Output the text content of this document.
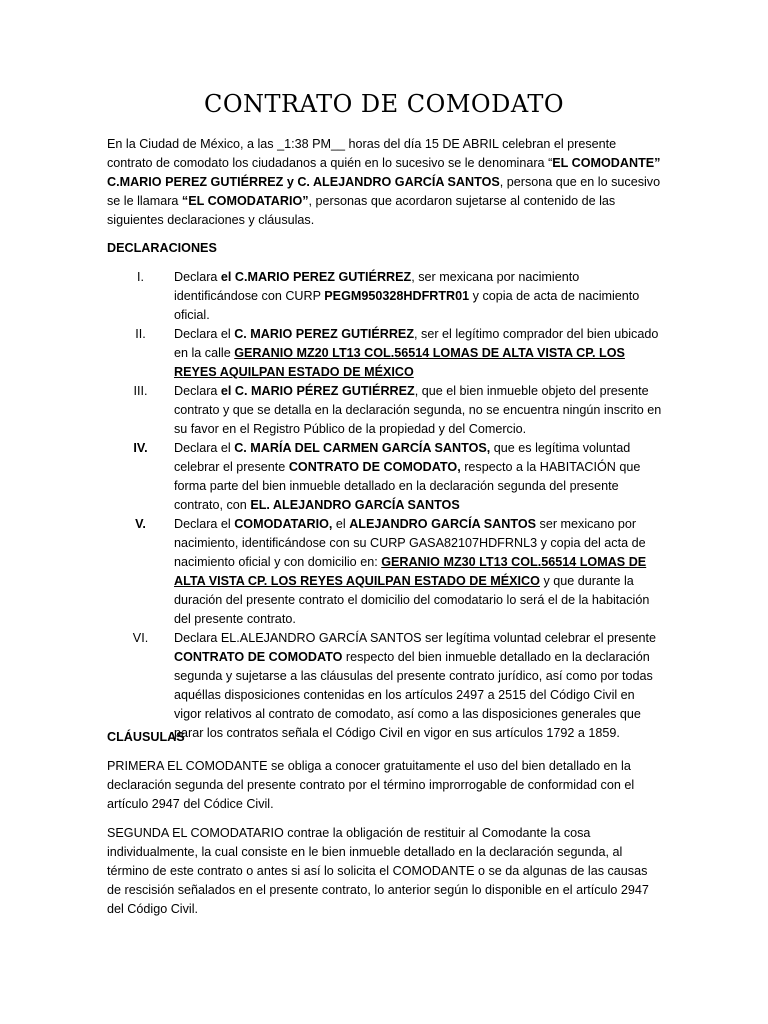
CONTRATO DE COMODATO

En la Ciudad de México, a las _1:38 PM__ horas del día 15 DE ABRIL celebran el presente contrato de comodato los ciudadanos a quién en lo sucesivo se le denominara “EL COMODANTE” C.MARIO PEREZ GUTIÉRREZ y C. ALEJANDRO GARCÍA SANTOS, persona que en lo sucesivo se le llamara “EL COMODATARIO”, personas que acordaron sujetarse al contenido de las siguientes declaraciones y cláusulas.

DECLARACIONES

I.	Declara el C.MARIO PEREZ GUTIÉRREZ, ser mexicana por nacimiento identificándose con CURP PEGM950328HDFRTR01 y copia de acta de nacimiento oficial.
II.	Declara el C. MARIO PEREZ GUTIÉRREZ, ser el legítimo comprador del bien ubicado en la calle GERANIO MZ20 LT13 COL.56514 LOMAS DE ALTA VISTA CP. LOS REYES AQUILPAN ESTADO DE MÉXICO
III.	Declara el C. MARIO PÉREZ GUTIÉRREZ, que el bien inmueble objeto del presente contrato y que se detalla en la declaración segunda, no se encuentra ningún inscrito en su favor en el Registro Público de la propiedad y del Comercio.
IV.	Declara el C. MARÍA DEL CARMEN GARCÍA SANTOS, que es legítima voluntad celebrar el presente CONTRATO DE COMODATO, respecto a la HABITACIÓN que forma parte del bien inmueble detallado en la declaración segunda del presente contrato, con EL. ALEJANDRO GARCÍA SANTOS
V.	Declara el COMODATARIO, el ALEJANDRO GARCÍA SANTOS ser mexicano por nacimiento, identificándose con su CURP GASA82107HDFRNL3 y copia del acta de nacimiento oficial y con domicilio en: GERANIO MZ30 LT13 COL.56514 LOMAS DE ALTA VISTA CP. LOS REYES AQUILPAN ESTADO DE MÉXICO y que durante la duración del presente contrato el domicilio del comodatario lo será el de la habitación del presente contrato.
VI.	Declara EL.ALEJANDRO GARCÍA SANTOS ser legítima voluntad celebrar el presente CONTRATO DE COMODATO respecto del bien inmueble detallado en la declaración segunda y sujetarse a las cláusulas del presente contrato jurídico, así como por todas aquéllas disposiciones contenidas en los artículos 2497 a 2515 del Código Civil en vigor relativos al contrato de comodato, así como a las disposiciones generales que parar los contratos señala el Código Civil en vigor en sus artículos 1792 a 1859.

CLÁUSULAS

PRIMERA EL COMODANTE se obliga a conocer gratuitamente el uso del bien detallado en la declaración segunda del presente contrato por el término improrrogable de conformidad con el artículo 2947 del Códice Civil.

SEGUNDA EL COMODATARIO contrae la obligación de restituir al Comodante la cosa individualmente, la cual consiste en le bien inmueble detallado en la declaración segunda, al término de este contrato o antes si así lo solicita el COMODANTE o se da algunas de las causas de rescisión señalados en el presente contrato, lo anterior según lo disponible en el artículo 2947 del Código Civil.
